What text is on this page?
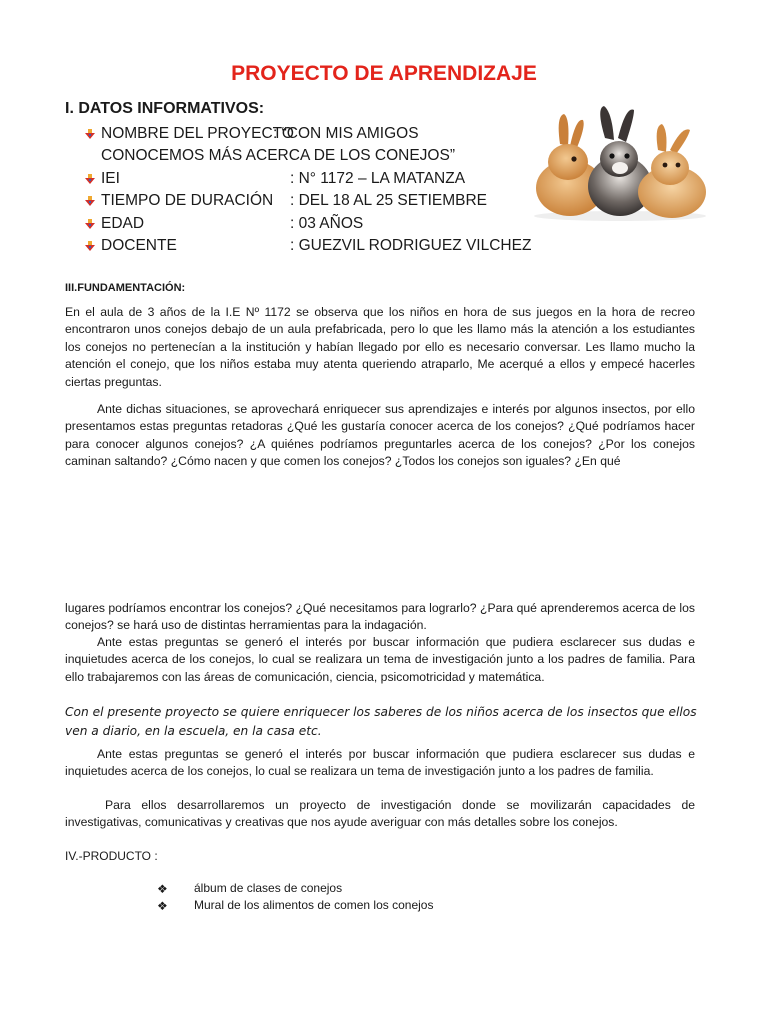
PROYECTO DE APRENDIZAJE
I. DATOS INFORMATIVOS:
NOMBRE DEL PROYECTO
: “CON MIS AMIGOS
CONOCEMOS MÁS ACERCA DE LOS CONEJOS”
IEI	: N° 1172 – LA MATANZA
TIEMPO DE DURACIÓN : DEL 18 AL 25 SETIEMBRE
EDAD	: 03 AÑOS
DOCENTE	: GUEZVIL RODRIGUEZ VILCHEZ
III.FUNDAMENTACIÓN:
En el aula de 3 años de la I.E Nº 1172 se observa que los niños en hora de sus juegos en la hora de recreo encontraron unos conejos debajo de un aula prefabricada, pero lo que les llamo más la atención a los estudiantes los conejos no pertenecían a la institución y habían llegado por ello es necesario conversar. Les llamo mucho la atención el conejo, que los niños estaba muy atenta queriendo atraparlo, Me acerqué a ellos y empecé hacerles ciertas preguntas.
Ante dichas situaciones, se aprovechará enriquecer sus aprendizajes e interés por algunos insectos, por ello presentamos estas preguntas retadoras ¿Qué les gustaría conocer acerca de los conejos? ¿Qué podríamos hacer para conocer algunos conejos? ¿A quiénes podríamos preguntarles acerca de los conejos? ¿Por los conejos caminan saltando? ¿Cómo nacen y que comen los conejos? ¿Todos los conejos son iguales? ¿En qué
lugares podríamos encontrar los conejos? ¿Qué necesitamos para lograrlo? ¿Para qué aprenderemos acerca de los conejos? se hará uso de distintas herramientas para la indagación.
Ante estas preguntas se generó el interés por buscar información que pudiera esclarecer sus dudas e inquietudes acerca de los conejos, lo cual se realizara un tema de investigación junto a los padres de familia. Para ello trabajaremos con las áreas de comunicación, ciencia, psicomotricidad y matemática.
Con el presente proyecto se quiere enriquecer los saberes de los niños acerca de los insectos que ellos ven a diario, en la escuela, en la casa etc.
Ante estas preguntas se generó el interés por buscar información que pudiera esclarecer sus dudas e inquietudes acerca de los conejos, lo cual se realizara un tema de investigación junto a los padres de familia.
Para ellos desarrollaremos un proyecto de investigación donde se movilizarán capacidades de investigativas, comunicativas y creativas que nos ayude averiguar con más detalles sobre los conejos.
IV.-PRODUCTO :
❖ álbum de clases de conejos
❖ Mural de los alimentos de comen los conejos
